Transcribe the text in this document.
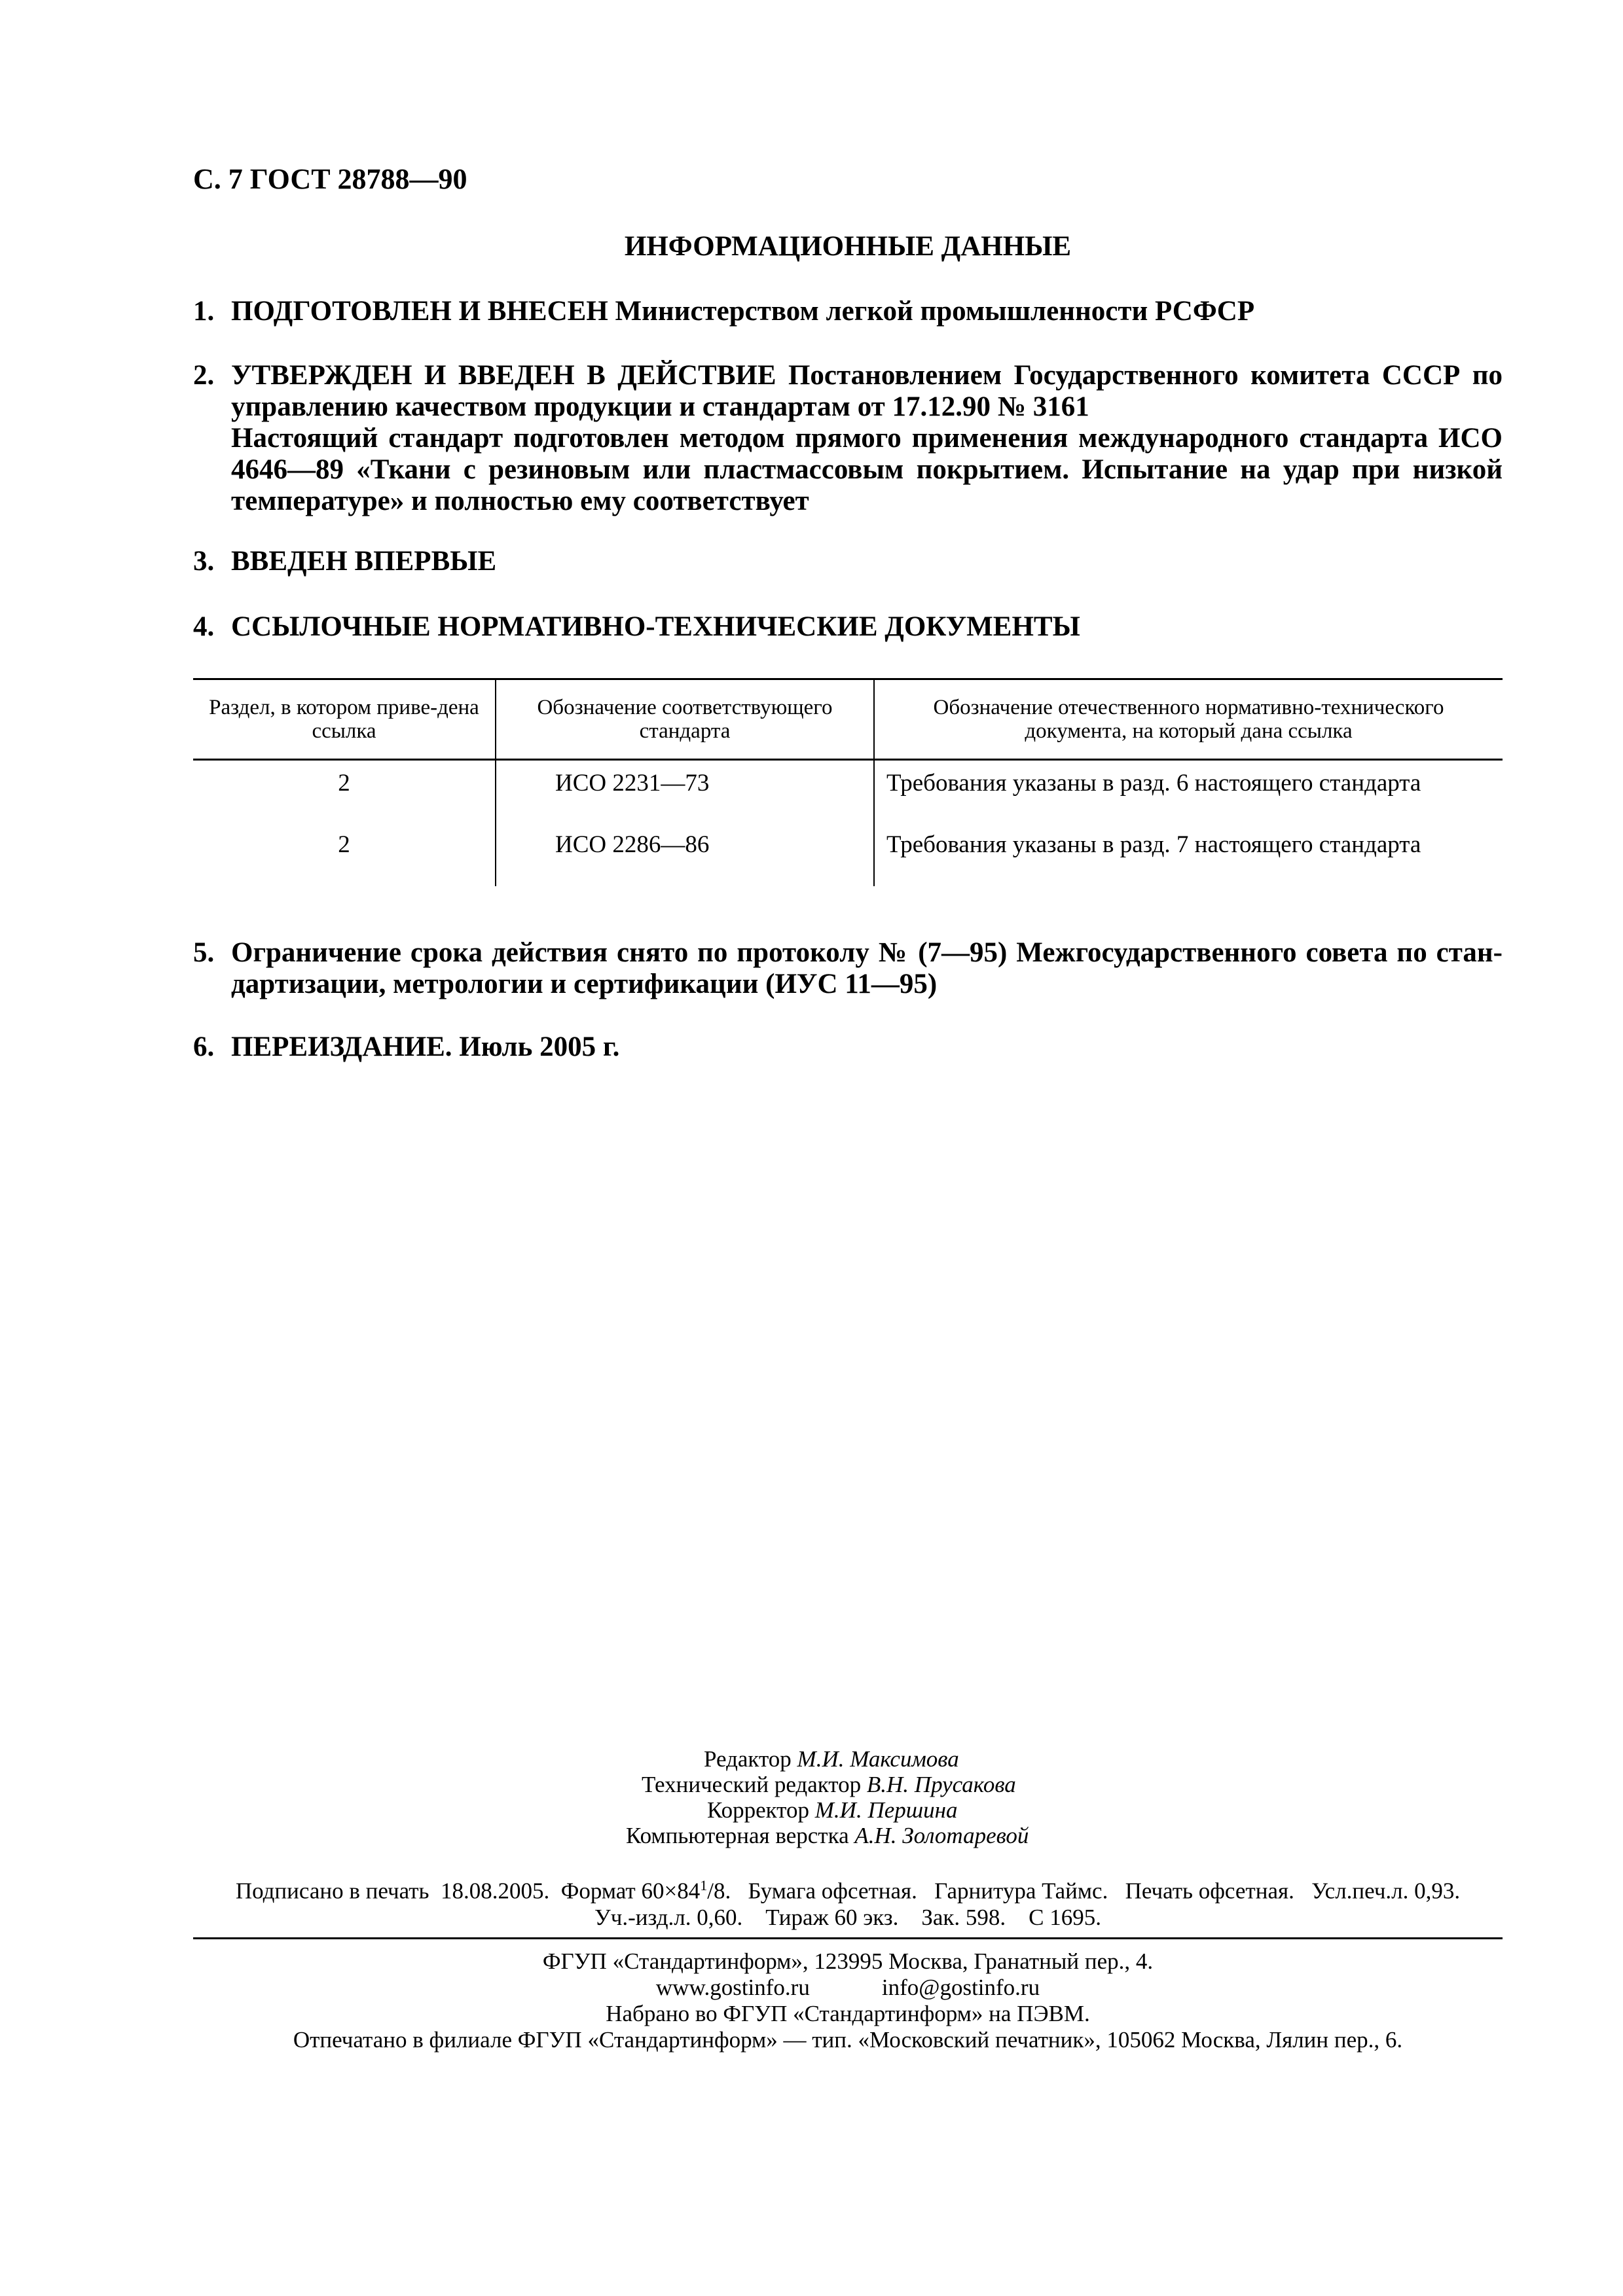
С. 7 ГОСТ 28788—90
ИНФОРМАЦИОННЫЕ ДАННЫЕ
1. ПОДГОТОВЛЕН И ВНЕСЕН Министерством легкой промышленности РСФСР
2. УТВЕРЖДЕН И ВВЕДЕН В ДЕЙСТВИЕ Постановлением Государственного комитета СССР по управлению качеством продукции и стандартам от 17.12.90 № 3161

Настоящий стандарт подготовлен методом прямого применения международного стандарта ИСО 4646—89 «Ткани с резиновым или пластмассовым покрытием. Испытание на удар при низкой температуре» и полностью ему соответствует

3. ВВЕДЕН ВПЕРВЫЕ
4. ССЫЛОЧНЫЕ НОРМАТИВНО-ТЕХНИЧЕСКИЕ ДОКУМЕНТЫ
Раздел, в котором приве-дена ссылка	Обозначение соответствующего стандарта	Обозначение отечественного нормативно-технического документа, на который дана ссылка
2	ИСО 2231—73	Требования указаны в разд. 6 настоящего стандарта
2	ИСО 2286—86	Требования указаны в разд. 7 настоящего стандарта
5. Ограничение срока действия снято по протоколу № (7—95) Межгосударственного совета по стан-дартизации, метрологии и сертификации (ИУС 11—95)
6. ПЕРЕИЗДАНИЕ. Июль 2005 г.
Редактор М.И. Максимова
Технический редактор В.Н. Прусакова
Корректор М.И. Першина
Компьютерная верстка А.Н. Золотаревой
Подписано в печать 18.08.2005. Формат $60\times 84^1/8$. Бумага офсетная. Гарнитура Таймс. Печать офсетная. Усл.печ.л. 0,93.
Уч.-изд.л. 0,60.    Тираж 60 экз.    Зак. 598.    С 1695.
ФГУП «Стандартинформ», 123995 Москва, Гранатный пер., 4.
www.gostinfo.ru	info@gostinfo.ru
Набрано во ФГУП «Стандартинформ» на ПЭВМ.
Отпечатано в филиале ФГУП «Стандартинформ» — тип. «Московский печатник», 105062 Москва, Лялин пер., 6.
